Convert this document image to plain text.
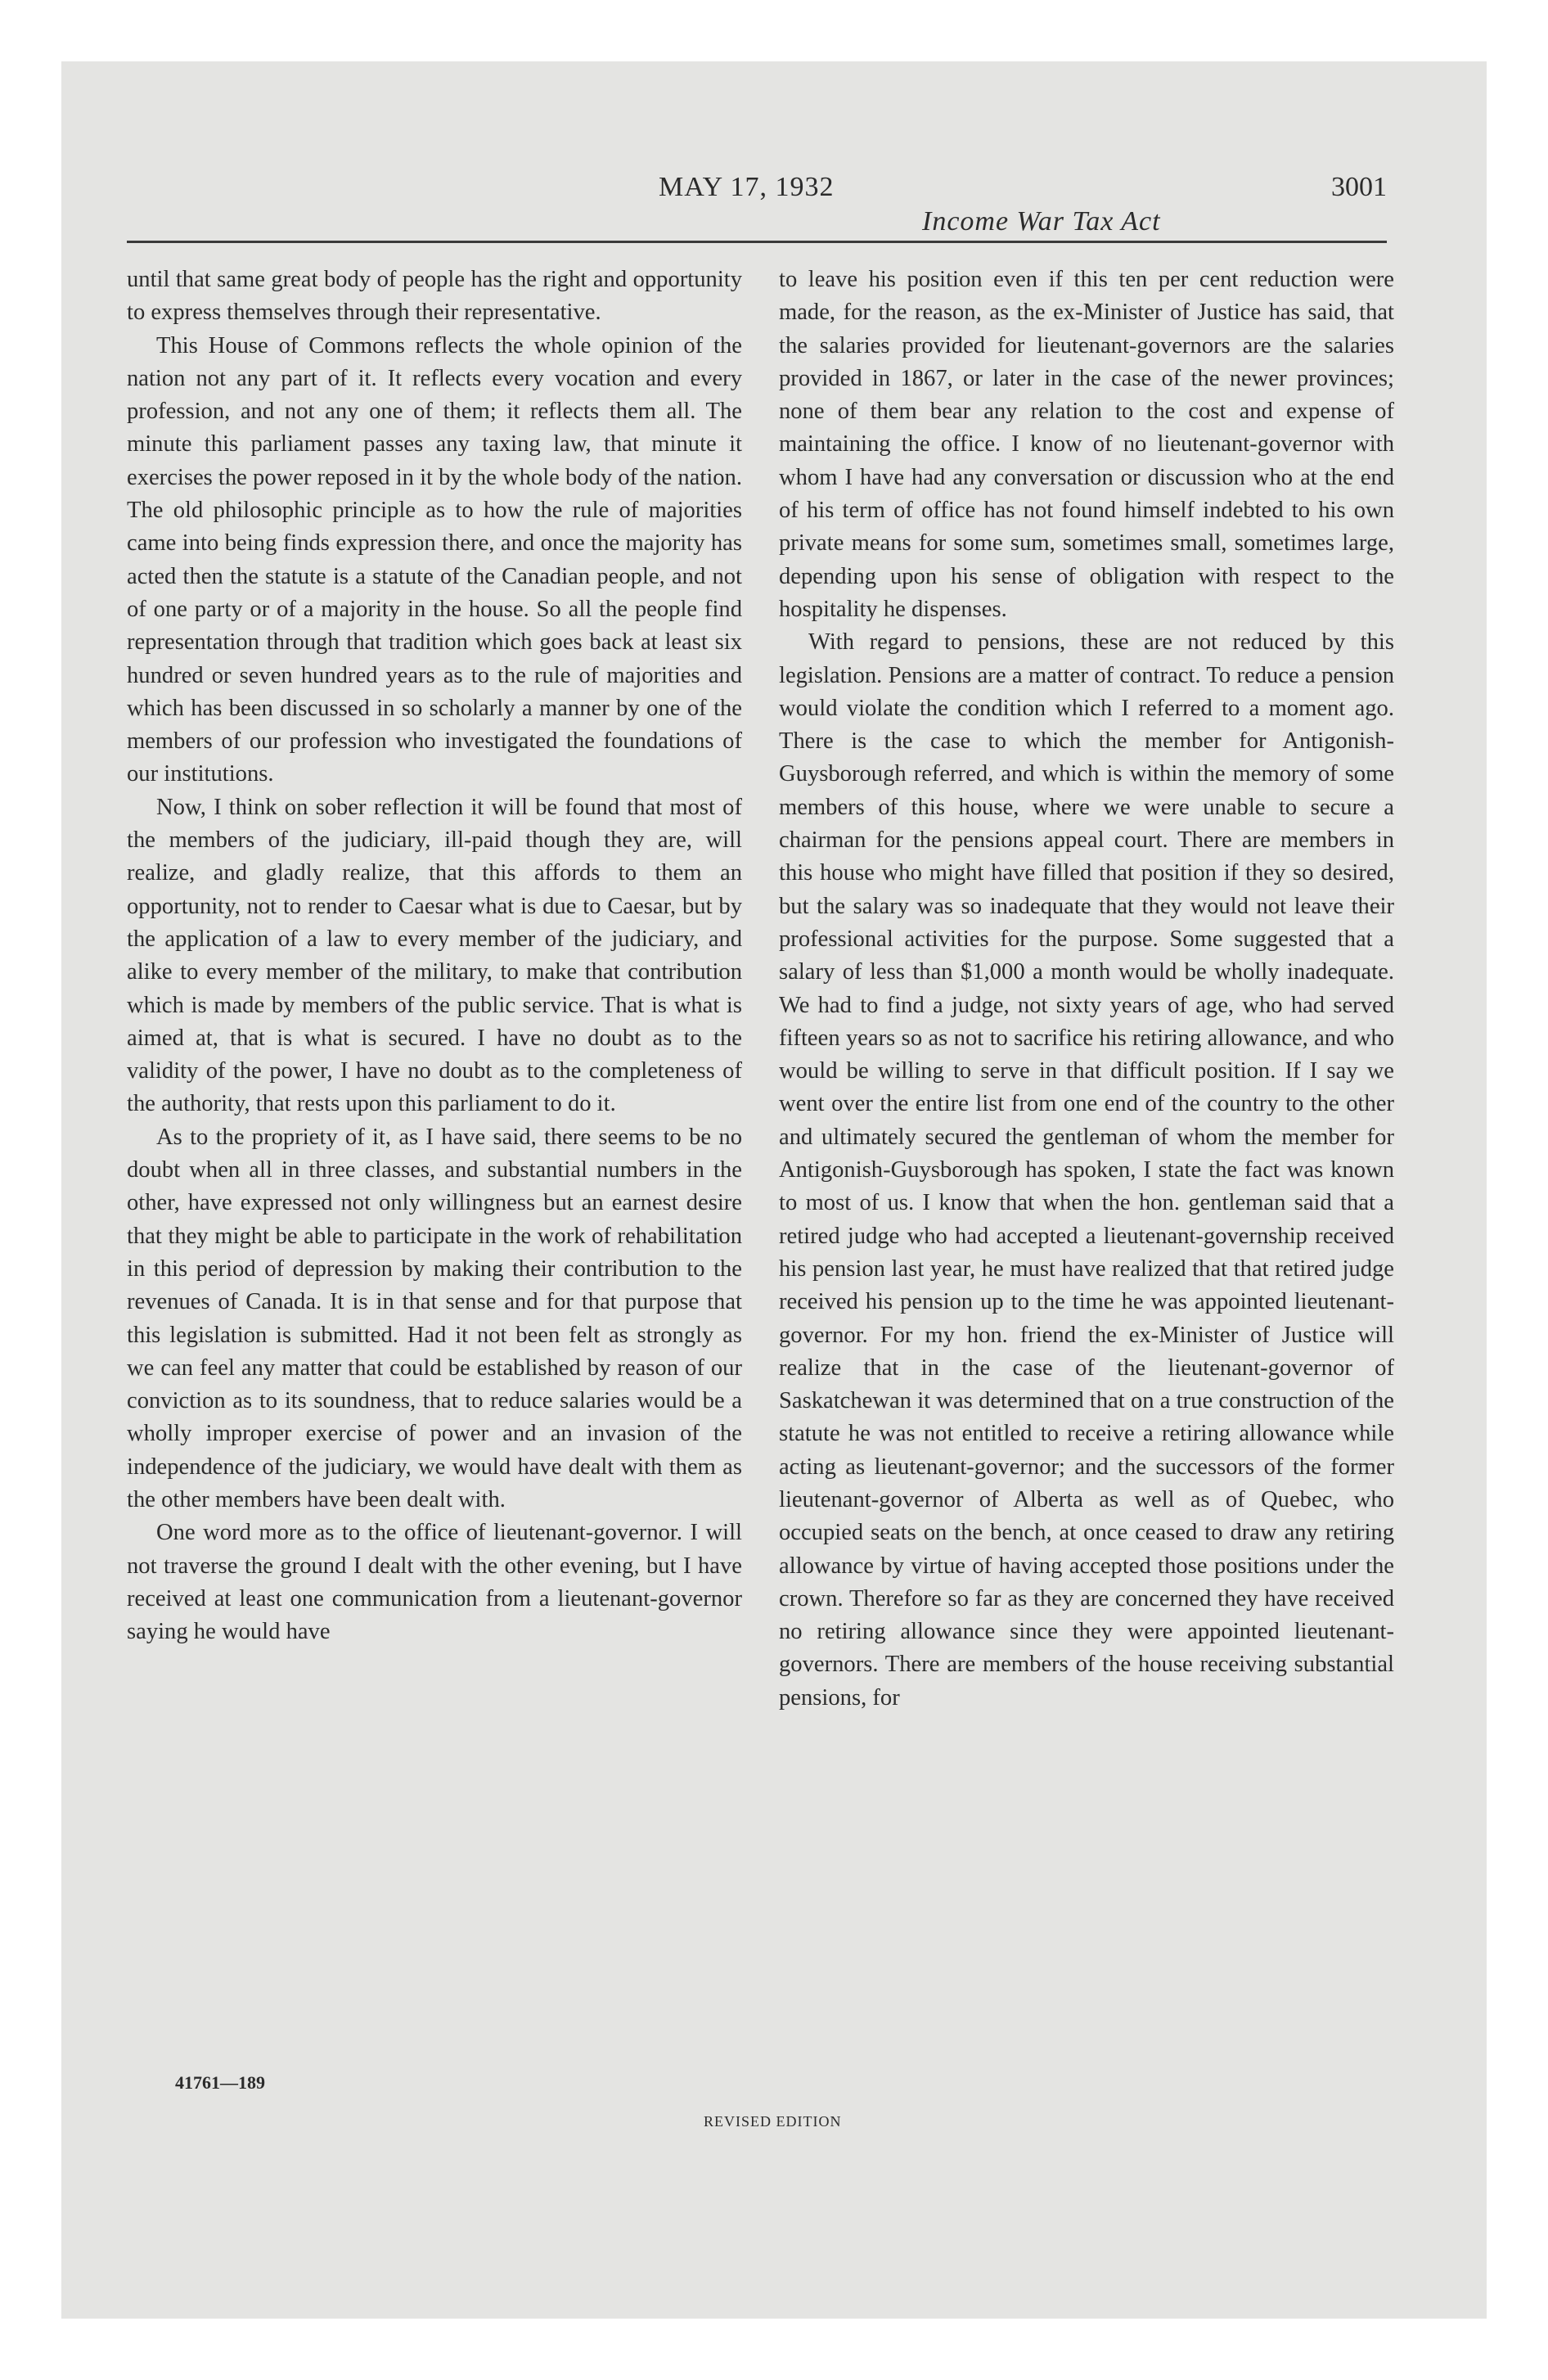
MAY 17, 1932
Income War Tax Act
3001

until that same great body of people has the right and opportunity to express themselves through their representative.

This House of Commons reflects the whole opinion of the nation not any part of it. It reflects every vocation and every profession, and not any one of them; it reflects them all. The minute this parliament passes any taxing law, that minute it exercises the power reposed in it by the whole body of the nation. The old philosophic principle as to how the rule of majorities came into being finds expression there, and once the majority has acted then the statute is a statute of the Canadian people, and not of one party or of a majority in the house. So all the people find representation through that tradition which goes back at least six hundred or seven hundred years as to the rule of majorities and which has been discussed in so scholarly a manner by one of the members of our profession who investigated the foundations of our institutions.

Now, I think on sober reflection it will be found that most of the members of the judiciary, ill-paid though they are, will realize, and gladly realize, that this affords to them an opportunity, not to render to Caesar what is due to Caesar, but by the application of a law to every member of the judiciary, and alike to every member of the military, to make that contribution which is made by members of the public service. That is what is aimed at, that is what is secured. I have no doubt as to the validity of the power, I have no doubt as to the completeness of the authority, that rests upon this parliament to do it.

As to the propriety of it, as I have said, there seems to be no doubt when all in three classes, and substantial numbers in the other, have expressed not only willingness but an earnest desire that they might be able to participate in the work of rehabilitation in this period of depression by making their contribution to the revenues of Canada. It is in that sense and for that purpose that this legislation is submitted. Had it not been felt as strongly as we can feel any matter that could be established by reason of our conviction as to its soundness, that to reduce salaries would be a wholly improper exercise of power and an invasion of the independence of the judiciary, we would have dealt with them as the other members have been dealt with.

One word more as to the office of lieutenant-governor. I will not traverse the ground I dealt with the other evening, but I have received at least one communication from a lieutenant-governor saying he would have

to leave his position even if this ten per cent reduction were made, for the reason, as the ex-Minister of Justice has said, that the salaries provided for lieutenant-governors are the salaries provided in 1867, or later in the case of the newer provinces; none of them bear any relation to the cost and expense of maintaining the office. I know of no lieutenant-governor with whom I have had any conversation or discussion who at the end of his term of office has not found himself indebted to his own private means for some sum, sometimes small, sometimes large, depending upon his sense of obligation with respect to the hospitality he dispenses.

With regard to pensions, these are not reduced by this legislation. Pensions are a matter of contract. To reduce a pension would violate the condition which I referred to a moment ago. There is the case to which the member for Antigonish-Guysborough referred, and which is within the memory of some members of this house, where we were unable to secure a chairman for the pensions appeal court. There are members in this house who might have filled that position if they so desired, but the salary was so inadequate that they would not leave their professional activities for the purpose. Some suggested that a salary of less than $1,000 a month would be wholly inadequate. We had to find a judge, not sixty years of age, who had served fifteen years so as not to sacrifice his retiring allowance, and who would be willing to serve in that difficult position. If I say we went over the entire list from one end of the country to the other and ultimately secured the gentleman of whom the member for Antigonish-Guysborough has spoken, I state the fact was known to most of us. I know that when the hon. gentleman said that a retired judge who had accepted a lieutenant-governship received his pension last year, he must have realized that that retired judge received his pension up to the time he was appointed lieutenant-governor. For my hon. friend the ex-Minister of Justice will realize that in the case of the lieutenant-governor of Saskatchewan it was determined that on a true construction of the statute he was not entitled to receive a retiring allowance while acting as lieutenant-governor; and the successors of the former lieutenant-governor of Alberta as well as of Quebec, who occupied seats on the bench, at once ceased to draw any retiring allowance by virtue of having accepted those positions under the crown. Therefore so far as they are concerned they have received no retiring allowance since they were appointed lieutenant-governors. There are members of the house receiving substantial pensions, for

41761—189
REVISED EDITION
